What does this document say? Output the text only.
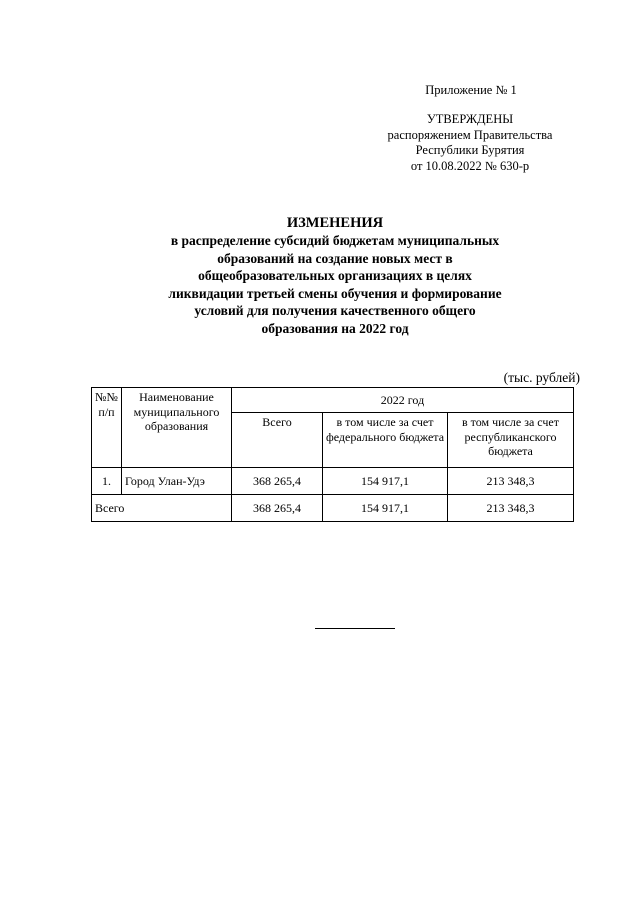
Приложение № 1
УТВЕРЖДЕНЫ
распоряжением Правительства
Республики Бурятия
от 10.08.2022 № 630-р
ИЗМЕНЕНИЯ
в распределение субсидий бюджетам муниципальных
образований на создание новых мест в
общеобразовательных организациях в целях
ликвидации третьей смены обучения и формирование
условий для получения качественного общего
образования на 2022 год
(тыс. рублей)
№№ п/п	Наименование муниципального образования	2022 год		
		Всего	в том числе за счет федерального бюджета	в том числе за счет республиканского бюджета
1.	Город Улан-Удэ	368 265,4	154 917,1	213 348,3
Всего		368 265,4	154 917,1	213 348,3
